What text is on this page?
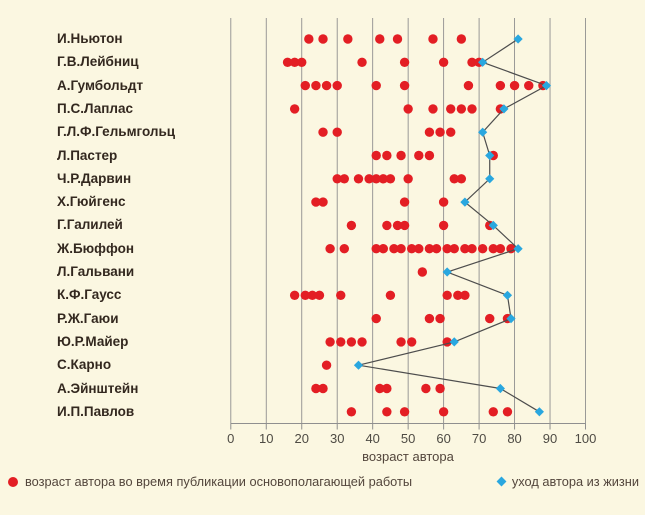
И.Ньютон
Г.В.Лейбниц
А.Гумбольдт
П.С.Лаплас
Г.Л.Ф.Гельмгольц
Л.Пастер
Ч.Р.Дарвин
Х.Гюйгенс
Г.Галилей
Ж.Бюффон
Л.Гальвани
К.Ф.Гаусс
Р.Ж.Гаюи
Ю.Р.Майер
С.Карно
А.Эйнштейн
И.П.Павлов
0 10 20 30 40 50 60 70 80 90 100
возраст автора
возраст автора во время публикации основополагающей работы	уход автора из жизни
